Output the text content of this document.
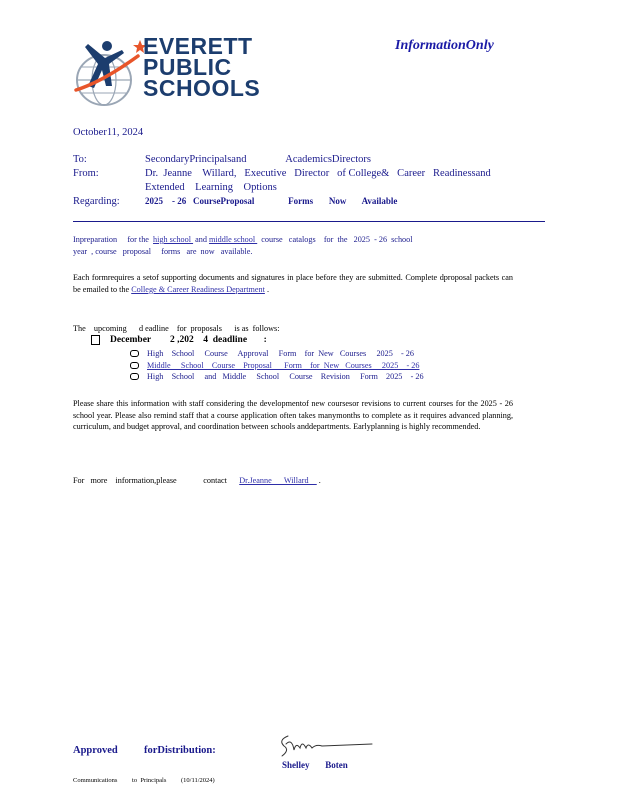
EVERETT
PUBLIC
SCHOOLS
InformationOnly
October11, 2024
To:	SecondaryPrincipalsand               AcademicsDirectors
From:	Dr.  Jeanne    Willard,   Executive   Director   of College&   Career   Readinessand
Extended    Learning    Options
Regarding:	2025    - 26   CourseProposal               Forms       Now       Available
Inpreparation     for the  high school  and middle school   course   catalogs    for  the   2025  - 26  school
year  , course   proposal     forms   are  now   available.
Each formrequires a setof supporting documents and signatures in place before they are submitted. Complete dproposal packets can be emailed to the College & Career Readiness Department .
The    upcoming      d eadline    for  proposals      is as  follows:
December        2 ,202    4  deadline       :
High    School     Course     Approval     Form    for  New   Courses     2025    - 26
Middle     School    Course    Proposal      Form    for  New   Courses     2025    - 26
High    School     and   Middle     School     Course    Revision     Form    2025    - 26
Please share this information with staff considering the developmentof new coursesor revisions to current courses for the 2025 - 26 school year. Please also remind staff that a course application often takes manymonths to complete as it requires advanced planning, curriculum, and budget approval, and coordination between schools anddepartments. Earlyplanning is highly recommended.
For   more    information,please             contact      Dr.Jeanne      Willard     .
Approved          forDistribution:
Shelley       Boten
Communications         to  Principals         (10/11/2024)
